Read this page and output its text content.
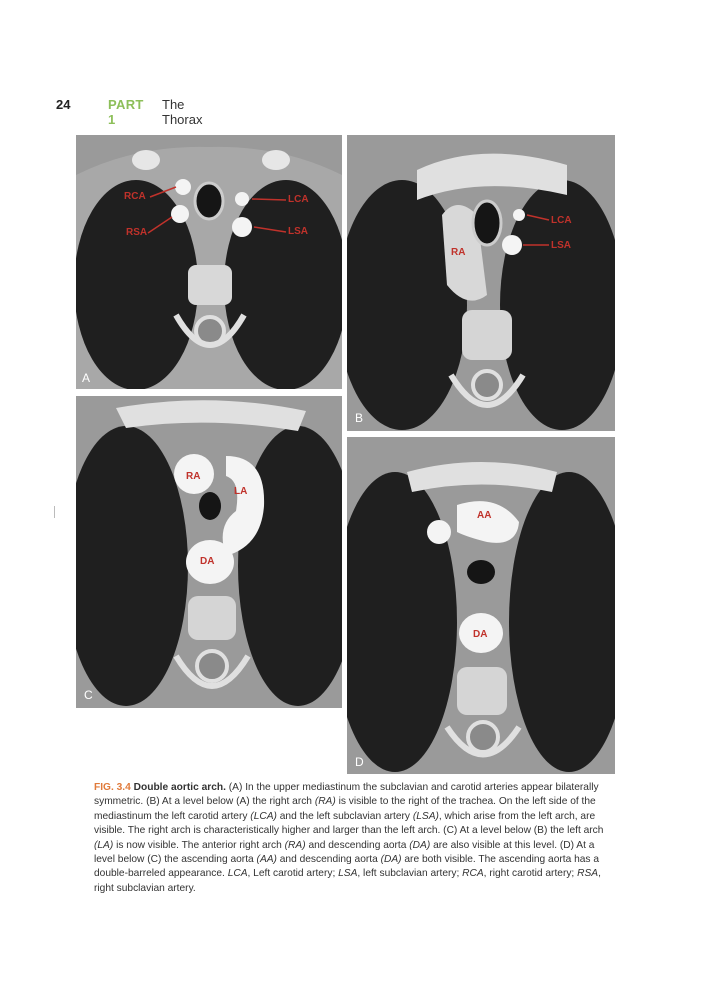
24	PART 1
The Thorax
RCA
RSA
LCA
LSA
A
RA
LCA
LSA
B
RA
LA
DA
C
AA
DA
D
FIG. 3.4 Double aortic arch. (A) In the upper mediastinum the subclavian and carotid arteries appear bilaterally symmetric. (B) At a level below (A) the right arch (RA) is visible to the right of the trachea. On the left side of the mediastinum the left carotid artery (LCA) and the left subclavian artery (LSA), which arise from the left arch, are visible. The right arch is characteristically higher and larger than the left arch. (C) At a level below (B) the left arch (LA) is now visible. The anterior right arch (RA) and descending aorta (DA) are also visible at this level. (D) At a level below (C) the ascending aorta (AA) and descending aorta (DA) are both visible. The ascending aorta has a double-barreled appearance. LCA, Left carotid artery; LSA, left subclavian artery; RCA, right carotid artery; RSA, right subclavian artery.
